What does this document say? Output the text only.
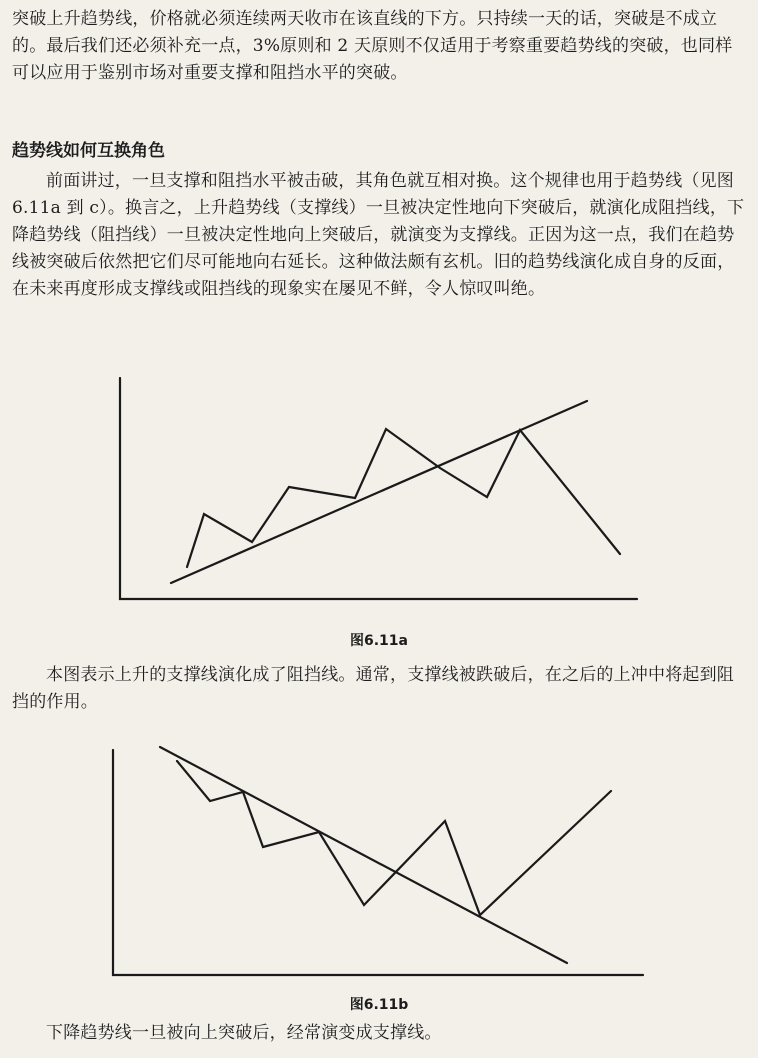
突破上升趋势线，价格就必须连续两天收市在该直线的下方。只持续一天的话，突破是不成立的。最后我们还必须补充一点，3%原则和 2 天原则不仅适用于考察重要趋势线的突破，也同样可以应用于鉴别市场对重要支撑和阻挡水平的突破。

趋势线如何互换角色

前面讲过，一旦支撑和阻挡水平被击破，其角色就互相对换。这个规律也用于趋势线（见图 6.11a 到 c）。换言之，上升趋势线（支撑线）一旦被决定性地向下突破后，就演化成阻挡线，下降趋势线（阻挡线）一旦被决定性地向上突破后，就演变为支撑线。正因为这一点，我们在趋势线被突破后依然把它们尽可能地向右延长。这种做法颇有玄机。旧的趋势线演化成自身的反面，在未来再度形成支撑线或阻挡线的现象实在屡见不鲜，令人惊叹叫绝。

图6.11a

本图表示上升的支撑线演化成了阻挡线。通常，支撑线被跌破后，在之后的上冲中将起到阻挡的作用。

图6.11b

下降趋势线一旦被向上突破后，经常演变成支撑线。
